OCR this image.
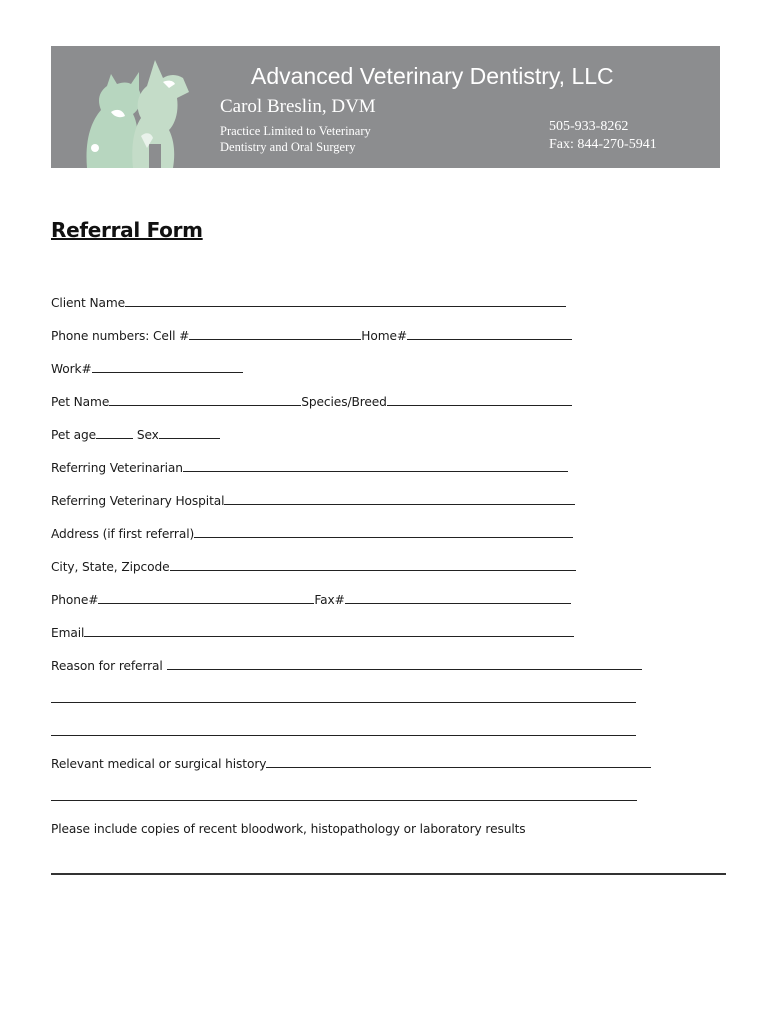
Advanced Veterinary Dentistry, LLC
Carol Breslin, DVM
Practice Limited to Veterinary
Dentistry and Oral Surgery
505-933-8262
Fax: 844-270-5941
Referral Form
Client Name
Phone numbers: Cell #	Home#
Work#
Pet Name	Species/Breed
Pet age	Sex
Referring Veterinarian
Referring Veterinary Hospital
Address (if first referral)
City, State, Zipcode
Phone#	Fax#
Email
Reason for referral
Relevant medical or surgical history
Please include copies of recent bloodwork, histopathology or laboratory results
